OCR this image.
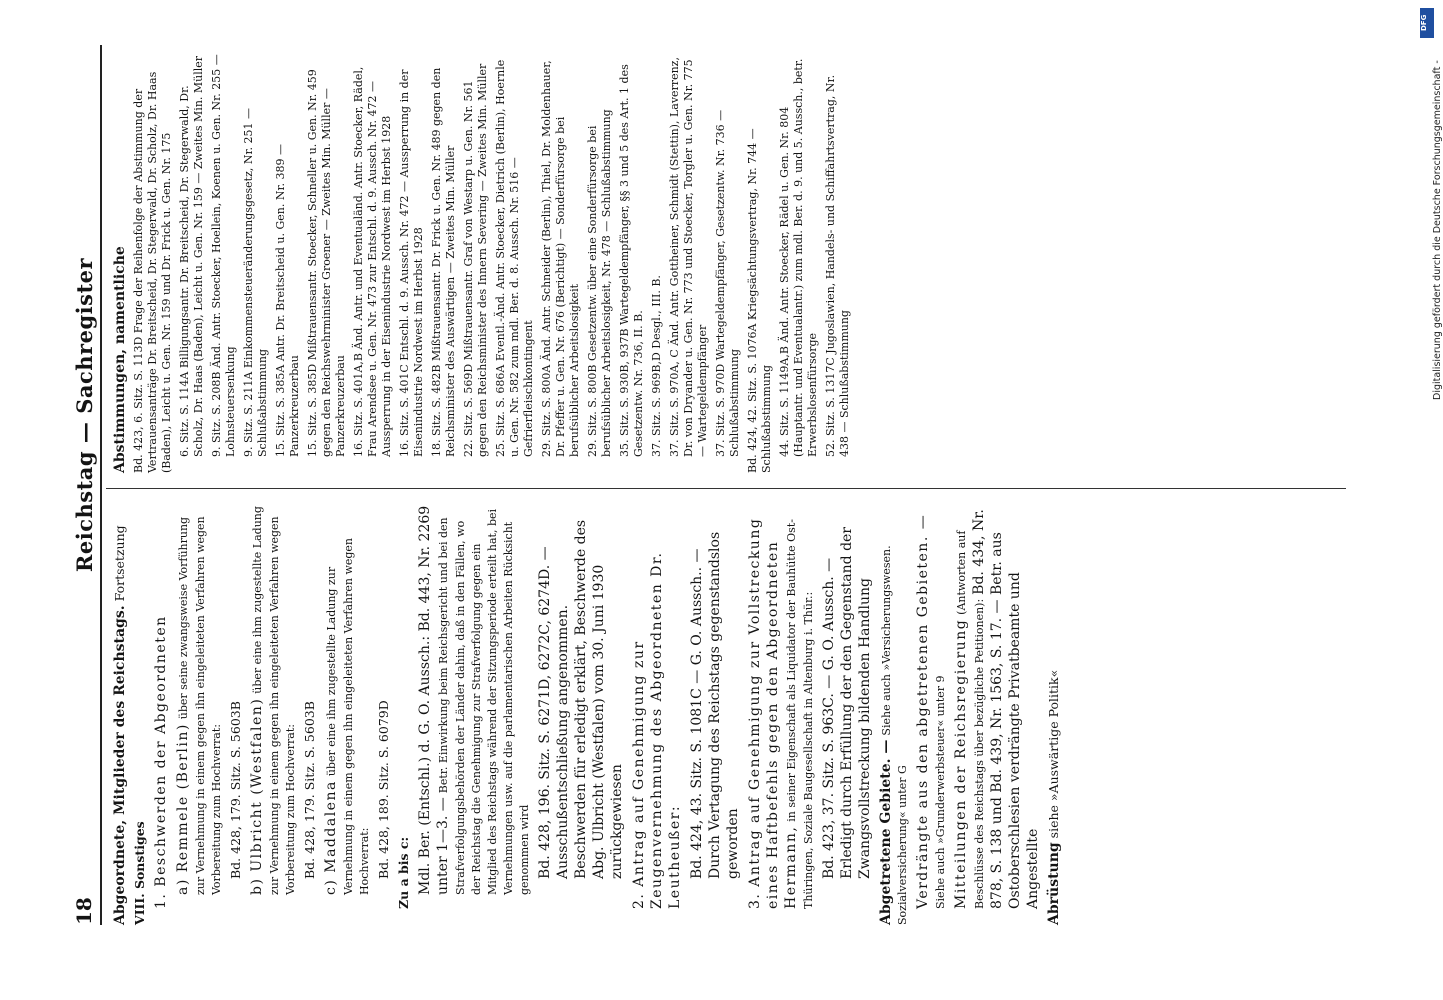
18
Reichstag — Sachregister

Abgeordnete, Mitglieder des Reichstags. Fortsetzung

VIII. Sonstiges 1. Beschwerden der Abgeordneten a) Remmele (Berlin) über seine zwangsweise Vorführung zur Vernehmung in einem gegen ihn eingeleiteten Verfahren wegen Vorbereitung zum Hochverrat: Bd. 428, 179. Sitz. S. 5603B b) Ulbricht (Westfalen) über eine ihm zugestellte Ladung zur Vernehmung in einem gegen ihn eingeleiteten Verfahren wegen Vorbereitung zum Hochverrat: Bd. 428, 179. Sitz. S. 5603B c) Maddalena über eine ihm zugestellte Ladung zur Vernehmung in einem gegen ihn eingeleiteten Verfahren wegen Hochverrat: Bd. 428, 189. Sitz. S. 6079D Zu a bis c: Mdl. Ber. (Entschl.) d. G. O. Aussch.: Bd. 443, Nr. 2269 unter 1—3. — Betr. Einwirkung beim Reichsgericht und bei den Strafverfolgungsbehörden der Länder dahin, daß in den Fällen, wo der Reichstag die Genehmigung zur Strafverfolgung gegen ein Mitglied des Reichstags während der Sitzungsperiode erteilt hat, bei Vernehmungen usw. auf die parlamentarischen Arbeiten Rücksicht genommen wird Bd. 428, 196. Sitz. S. 6271D, 6272C, 6274D. — Ausschußentschließung angenommen. Beschwerden für erledigt erklärt, Beschwerde des Abg. Ulbricht (Westfalen) vom 30. Juni 1930 zurückgewiesen 2. Antrag auf Genehmigung zur Zeugenvernehmung des Abgeordneten Dr. Leutheußer: Bd. 424, 43. Sitz. S. 1081C — G. O. Aussch.. — Durch Vertagung des Reichstags gegenstandslos geworden 3. Antrag auf Genehmigung zur Vollstreckung eines Haftbefehls gegen den Abgeordneten Hermann, in seiner Eigenschaft als Liquidator der Bauhütte Ost-Thüringen, Soziale Baugesellschaft in Altenburg i. Thür.: Bd. 423, 37. Sitz. S. 963C. — G. O. Aussch. — Erledigt durch Erfüllung der den Gegenstand der Zwangsvollstreckung bildenden Handlung Abgetretene Gebiete. — Siehe auch »Versicherungswesen. Sozialversicherung« unter G Verdrängte aus den abgetretenen Gebieten. — Siehe auch »Grunderwerbsteuer« unter 9 Mitteilungen der Reichsregierung (Antworten auf Beschlüsse des Reichstags über bezügliche Petitionen): Bd. 434, Nr. 878, S. 138 und Bd. 439, Nr. 1563, S. 17. — Betr. aus Ostoberschlesien verdrängte Privatbeamte und Angestellte Abrüstung siehe »Auswärtige Politik«

Abstimmungen, namentliche Bd. 423, 6. Sitz. S. 113D Frage der Reihenfolge der Abstimmung der Vertrauensanträge Dr. Breitscheid, Dr. Stegerwald, Dr. Scholz, Dr. Haas (Baden), Leicht u. Gen. Nr. 159 und Dr. Frick u. Gen. Nr. 175 6. Sitz. S. 114A Billigungsantr. Dr. Breitscheid, Dr. Stegerwald, Dr. Scholz, Dr. Haas (Baden), Leicht u. Gen. Nr. 159 — Zweites Min. Müller 9. Sitz. S. 208B Änd. Antr. Stoecker, Hoellein, Koenen u. Gen. Nr. 255 — Lohnsteuersenkung 9. Sitz. S. 211A Einkommensteueränderungsgesetz, Nr. 251 — Schlußabstimmung 15. Sitz. S. 385A Antr. Dr. Breitscheid u. Gen. Nr. 389 — Panzerkreuzerbau 15. Sitz. S. 385D Mißtrauensantr. Stoecker, Schneller u. Gen. Nr. 459 gegen den Reichswehrminister Groener — Zweites Min. Müller — Panzerkreuzerbau 16. Sitz. S. 401A,B Änd. Antr. und Eventualänd. Antr. Stoecker, Rädel, Frau Arendsee u. Gen. Nr. 473 zur Entschl. d. 9. Aussch. Nr. 472 — Aussperrung in der Eisenindustrie Nordwest im Herbst 1928 16. Sitz. S. 401C Entschl. d. 9. Aussch. Nr. 472 — Aussperrung in der Eisenindustrie Nordwest im Herbst 1928 18. Sitz. S. 482B Mißtrauensantr. Dr. Frick u. Gen. Nr. 489 gegen den Reichsminister des Auswärtigen — Zweites Min. Müller 22. Sitz. S. 569D Mißtrauensantr. Graf von Westarp u. Gen. Nr. 561 gegen den Reichsminister des Innern Severing — Zweites Min. Müller 25. Sitz. S. 686A Eventl.-Änd. Antr. Stoecker, Dietrich (Berlin), Hoernle u. Gen. Nr. 582 zum mdl. Ber. d. 8. Aussch. Nr. 516 — Gefrierfleischkontingent 29. Sitz. S. 800A Änd. Antr. Schneider (Berlin), Thiel, Dr. Moldenhauer, Dr. Pfeffer u. Gen. Nr. 676 (Berichtigt) — Sonderfürsorge bei berufsüblicher Arbeitslosigkeit 29. Sitz. S. 800B Gesetzentw. über eine Sonderfürsorge bei berufsüblicher Arbeitslosigkeit, Nr. 478 — Schlußabstimmung 35. Sitz. S. 930B, 937B Wartegeldempfänger, §§ 3 und 5 des Art. 1 des Gesetzentw. Nr. 736, II. B. 37. Sitz. S. 969B,D Desgl., III. B. 37. Sitz. S. 970A, C Änd. Antr. Gottheiner, Schmidt (Stettin), Laverrenz, Dr. von Dryander u. Gen. Nr. 773 und Stoecker, Torgler u. Gen. Nr. 775 — Wartegeldempfänger 37. Sitz. S. 970D Wartegeldempfänger, Gesetzentw. Nr. 736 — Schlußabstimmung Bd. 424, 42. Sitz. S. 1076A Kriegsächtungsvertrag, Nr. 744 — Schlußabstimmung 44. Sitz. S. 1149A,B Änd. Antr. Stoecker, Rädel u. Gen. Nr. 804 (Hauptantr. und Eventualantr.) zum mdl. Ber. d. 9. und 5. Aussch., betr. Erwerbslosenfürsorge 52. Sitz. S. 1317C Jugoslawien, Handels- und Schiffahrtsvertrag, Nr. 438 — Schlußabstimmung

DFG
Digitalisierung gefördert durch die Deutsche Forschungsgemeinschaft -
